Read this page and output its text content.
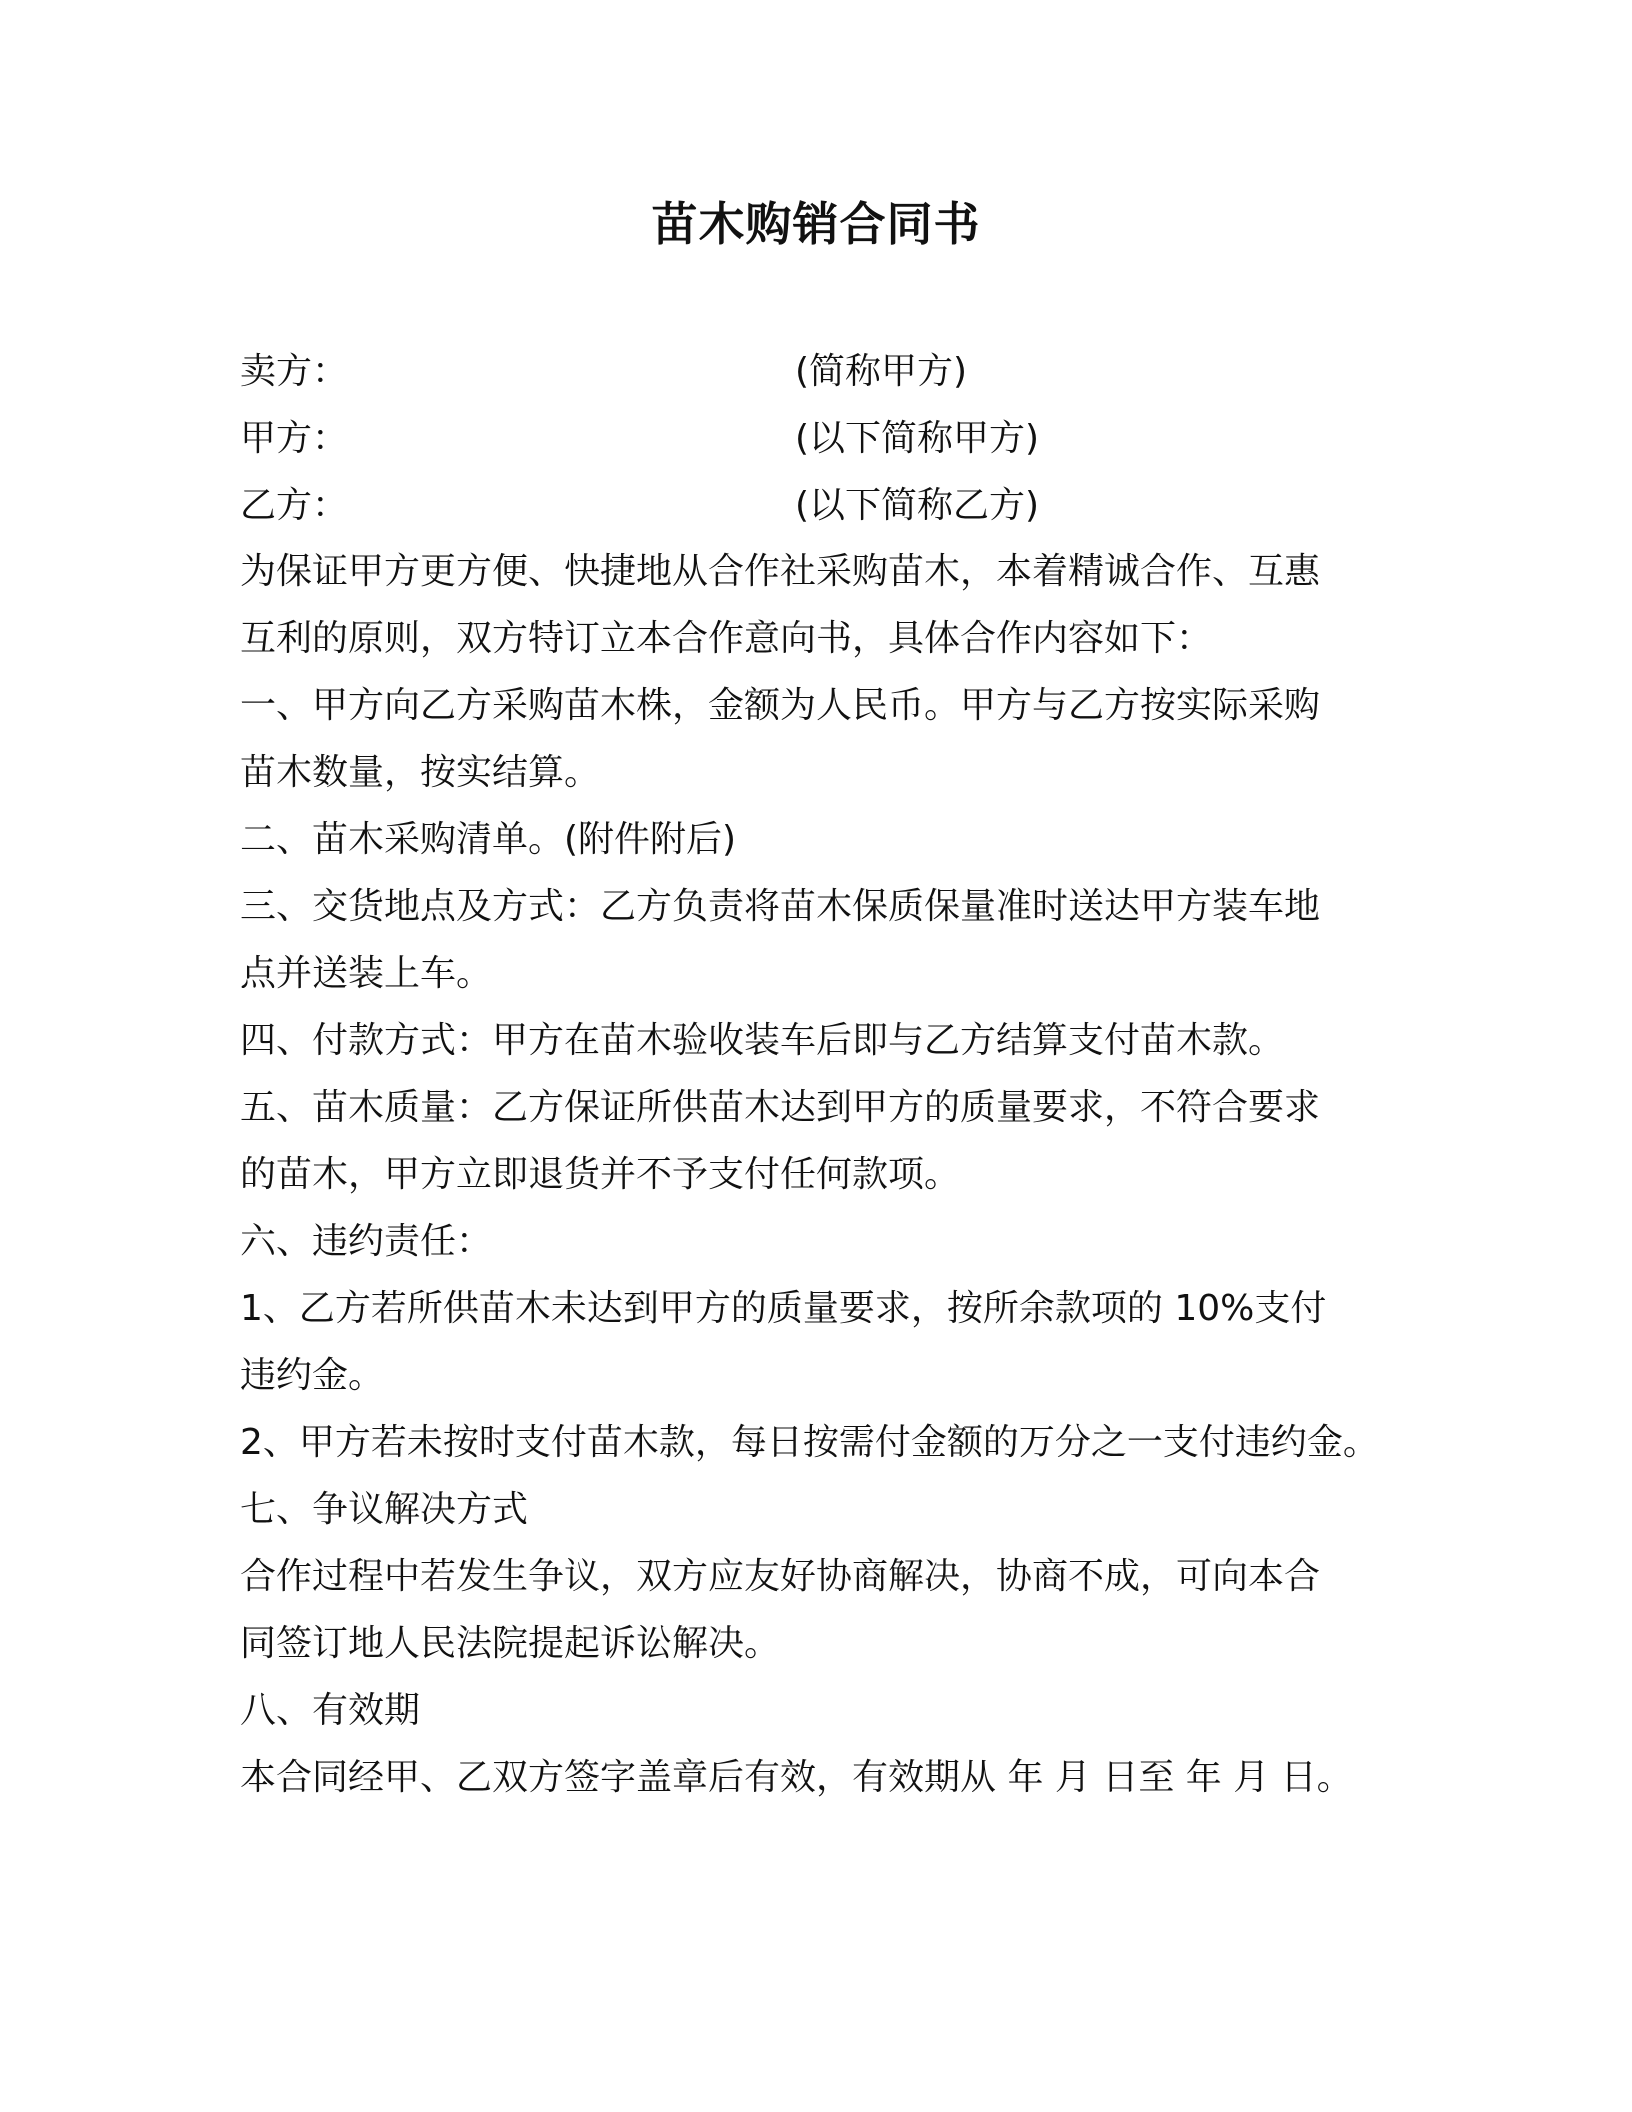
苗木购销合同书
卖方：	(简称甲方)
甲方：	(以下简称甲方)
乙方：	(以下简称乙方)
为保证甲方更方便、快捷地从合作社采购苗木，本着精诚合作、互惠
互利的原则，双方特订立本合作意向书，具体合作内容如下：
一、甲方向乙方采购苗木株，金额为人民币。甲方与乙方按实际采购
苗木数量，按实结算。
二、苗木采购清单。(附件附后)
三、交货地点及方式：乙方负责将苗木保质保量准时送达甲方装车地
点并送装上车。
四、付款方式：甲方在苗木验收装车后即与乙方结算支付苗木款。
五、苗木质量：乙方保证所供苗木达到甲方的质量要求，不符合要求
的苗木，甲方立即退货并不予支付任何款项。
六、违约责任：
1、乙方若所供苗木未达到甲方的质量要求，按所余款项的 10%支付
违约金。
2、甲方若未按时支付苗木款，每日按需付金额的万分之一支付违约金。
七、争议解决方式
合作过程中若发生争议，双方应友好协商解决，协商不成，可向本合
同签订地人民法院提起诉讼解决。
八、有效期
本合同经甲、乙双方签字盖章后有效，有效期从 年 月 日至 年 月 日。
